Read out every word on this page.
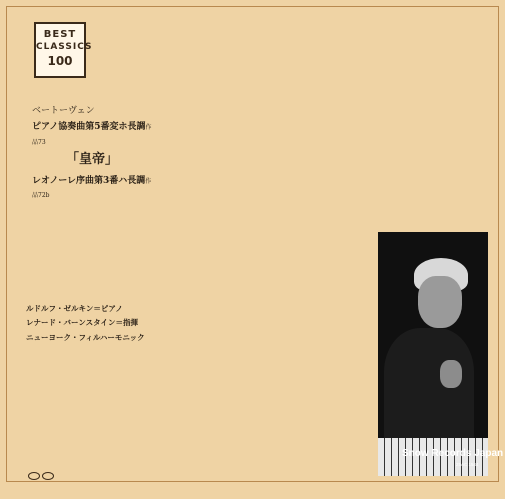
BEST
CLASSICS
100
ベートーヴェン
ピアノ協奏曲第5番変ホ長調作品73
「皇帝」
レオノーレ序曲第3番ハ長調作品72b
ルドルフ・ゼルキン＝ピアノ
レナード・バーンスタイン＝指揮
ニューヨーク・フィルハーモニック
Snow Records Japan
25AC 1544
